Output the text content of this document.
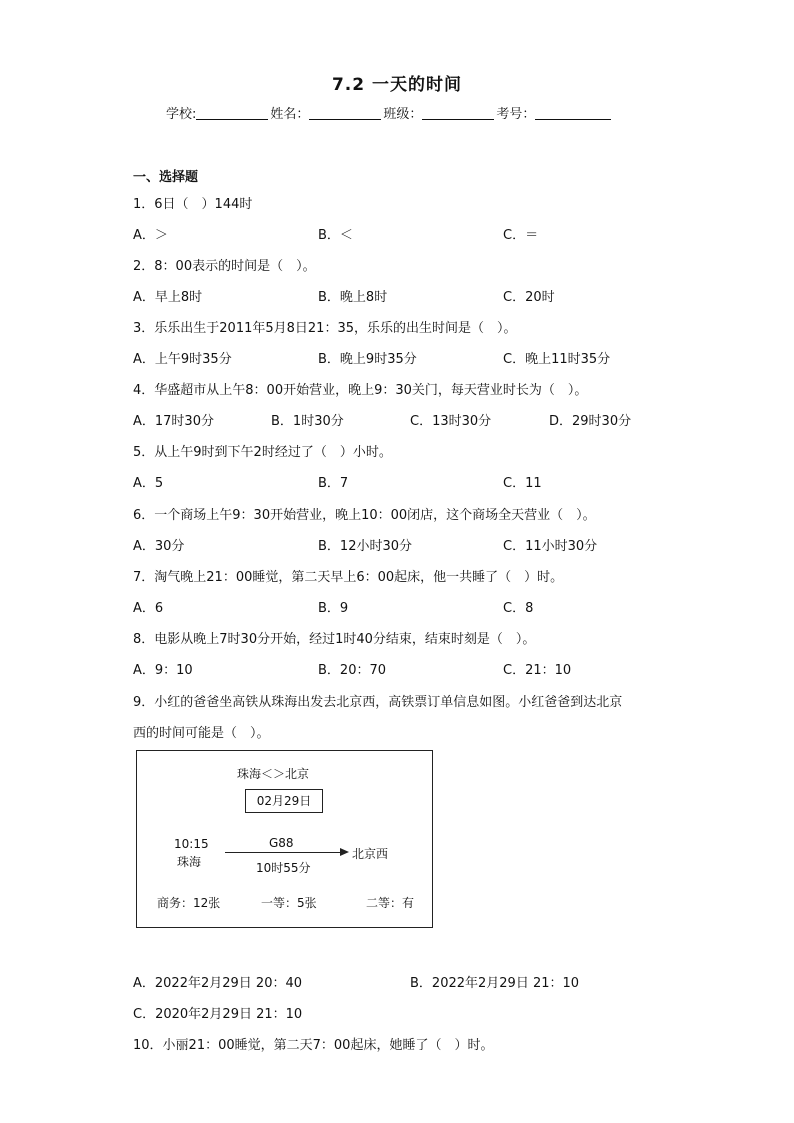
7.2 一天的时间
学校:	姓名：	班级：	考号：
一、选择题
1．6日（　）144时
A．＞	B．＜	C．＝
2．8：00表示的时间是（　）。
A．早上8时	B．晚上8时	C．20时
3．乐乐出生于2011年5月8日21：35，乐乐的出生时间是（　）。
A．上午9时35分	B．晚上9时35分	C．晚上11时35分
4．华盛超市从上午8：00开始营业，晚上9：30关门，每天营业时长为（　）。
A．17时30分	B．1时30分	C．13时30分	D．29时30分
5．从上午9时到下午2时经过了（　）小时。
A．5	B．7	C．11
6．一个商场上午9：30开始营业，晚上10：00闭店，这个商场全天营业（　）。
A．30分	B．12小时30分	C．11小时30分
7．淘气晚上21：00睡觉，第二天早上6：00起床，他一共睡了（　）时。
A．6	B．9	C．8
8．电影从晚上7时30分开始，经过1时40分结束，结束时刻是（　）。
A．9：10	B．20：70	C．21：10
9．小红的爸爸坐高铁从珠海出发去北京西，高铁票订单信息如图。小红爸爸到达北京
西的时间可能是（　）。
珠海＜＞北京
02月29日
10:15
珠海
G88
10时55分
北京西
商务：12张	一等：5张	二等：有
A．2022年2月29日 20：40	B．2022年2月29日 21：10
C．2020年2月29日 21：10
10．小丽21：00睡觉，第二天7：00起床，她睡了（　）时。
